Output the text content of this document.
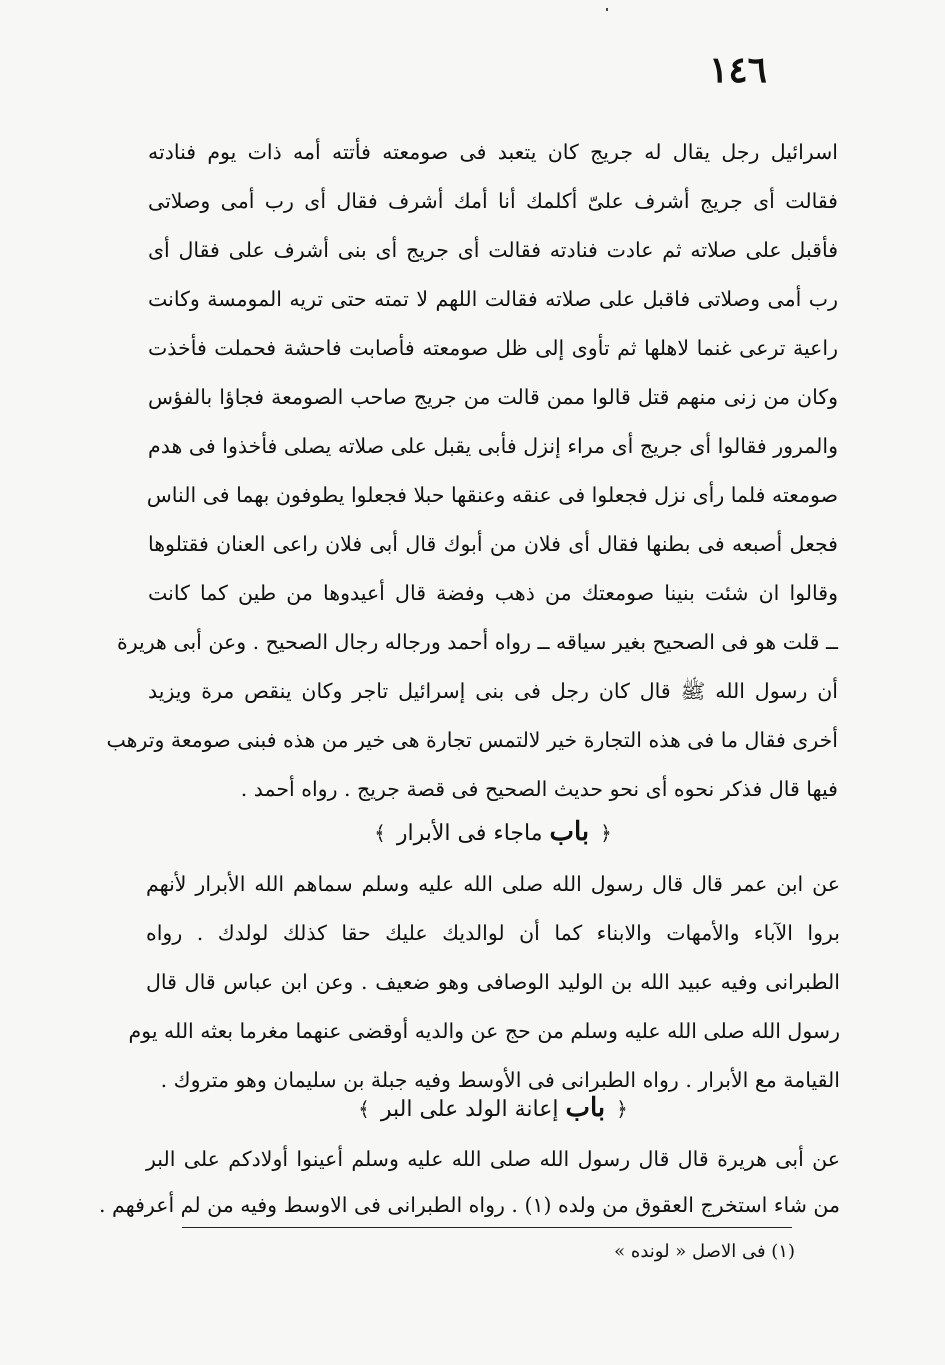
١٤٦
اسرائيل رجل يقال له جريج كان يتعبد فى صومعته فأتته أمه ذات يوم فنادته
فقالت أى جريج أشرف علىّ أكلمك أنا أمك أشرف فقال أى رب أمى وصلاتى
فأقبل على صلاته ثم عادت فنادته فقالت أى جريج أى بنى أشرف على فقال أى
رب أمى وصلاتى فاقبل على صلاته فقالت اللهم لا تمته حتى تريه المومسة وكانت
راعية ترعى غنما لاهلها ثم تأوى إلى ظل صومعته فأصابت فاحشة فحملت فأخذت
وكان من زنى منهم قتل قالوا ممن قالت من جريج صاحب الصومعة فجاؤا بالفؤس
والمرور فقالوا أى جريج أى مراء إنزل فأبى يقبل على صلاته يصلى فأخذوا فى هدم
صومعته فلما رأى نزل فجعلوا فى عنقه وعنقها حبلا فجعلوا يطوفون بهما فى الناس
فجعل أصبعه فى بطنها فقال أى فلان من أبوك قال أبى فلان راعى العنان فقتلوها
وقالوا ان شئت بنينا صومعتك من ذهب وفضة قال أعيدوها من طين كما كانت
ــ قلت هو فى الصحيح بغير سياقه ــ رواه أحمد ورجاله رجال الصحيح . وعن أبى هريرة
أن رسول الله ﷺ قال كان رجل فى بنى إسرائيل تاجر وكان ينقص مرة ويزيد
أخرى فقال ما فى هذه التجارة خير لالتمس تجارة هى خير من هذه فبنى صومعة وترهب
فيها قال فذكر نحوه أى نحو حديث الصحيح فى قصة جريج . رواه أحمد .
﴿ باب ماجاء فى الأبرار ﴾
عن ابن عمر قال قال رسول الله صلى الله عليه وسلم سماهم الله الأبرار لأنهم
بروا الآباء والأمهات والابناء كما أن لوالديك عليك حقا كذلك لولدك . رواه
الطبرانى وفيه عبيد الله بن الوليد الوصافى وهو ضعيف . وعن ابن عباس قال قال
رسول الله صلى الله عليه وسلم من حج عن والديه أوقضى عنهما مغرما بعثه الله يوم
القيامة مع الأبرار . رواه الطبرانى فى الأوسط وفيه جبلة بن سليمان وهو متروك .
﴿ باب إعانة الولد على البر ﴾
عن أبى هريرة قال قال رسول الله صلى الله عليه وسلم أعينوا أولادكم على البر
من شاء استخرج العقوق من ولده (١) . رواه الطبرانى فى الاوسط وفيه من لم أعرفهم .
(١) فى الاصل « لونده »
